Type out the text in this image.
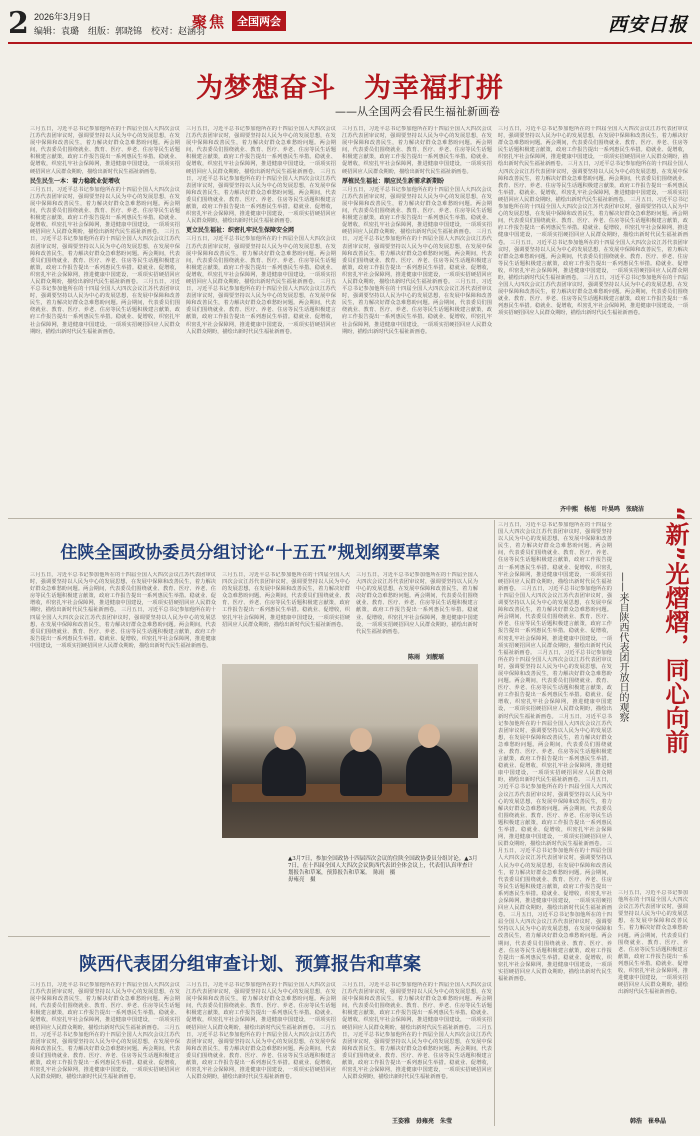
2 2026年3月9日
编辑：袁璐　组版：郭晓锦　校对：赵涵羽
聚焦	全国两会	西安日报
为梦想奋斗　为幸福打拼
——从全国两会看民生福祉新画卷
三月五日，习近平总书记参加他所在的十四届全国人大四次会议江苏代表团审议时，强调要坚持以人民为中心的发展思想，在发展中保障和改善民生，着力解决好群众急难愁盼问题。两会期间，代表委员们围绕就业、教育、医疗、养老、住房等民生话题积极建言献策，政府工作报告提出一系列惠民生举措。稳就业、促增收，织密扎牢社会保障网，推进健康中国建设，一项项实招硬招回应人民群众期盼，描绘出新时代民生福祉新画卷。
民生民生一本：着力稳就业促增收
三月五日，习近平总书记参加他所在的十四届全国人大四次会议江苏代表团审议时，强调要坚持以人民为中心的发展思想，在发展中保障和改善民生，着力解决好群众急难愁盼问题。两会期间，代表委员们围绕就业、教育、医疗、养老、住房等民生话题积极建言献策，政府工作报告提出一系列惠民生举措。稳就业、促增收，织密扎牢社会保障网，推进健康中国建设，一项项实招硬招回应人民群众期盼，描绘出新时代民生福祉新画卷。 三月五日，习近平总书记参加他所在的十四届全国人大四次会议江苏代表团审议时，强调要坚持以人民为中心的发展思想，在发展中保障和改善民生，着力解决好群众急难愁盼问题。两会期间，代表委员们围绕就业、教育、医疗、养老、住房等民生话题积极建言献策，政府工作报告提出一系列惠民生举措。稳就业、促增收，织密扎牢社会保障网，推进健康中国建设，一项项实招硬招回应人民群众期盼，描绘出新时代民生福祉新画卷。 三月五日，习近平总书记参加他所在的十四届全国人大四次会议江苏代表团审议时，强调要坚持以人民为中心的发展思想，在发展中保障和改善民生，着力解决好群众急难愁盼问题。两会期间，代表委员们围绕就业、教育、医疗、养老、住房等民生话题积极建言献策，政府工作报告提出一系列惠民生举措。稳就业、促增收，织密扎牢社会保障网，推进健康中国建设，一项项实招硬招回应人民群众期盼，描绘出新时代民生福祉新画卷。
三月五日，习近平总书记参加他所在的十四届全国人大四次会议江苏代表团审议时，强调要坚持以人民为中心的发展思想，在发展中保障和改善民生，着力解决好群众急难愁盼问题。两会期间，代表委员们围绕就业、教育、医疗、养老、住房等民生话题积极建言献策，政府工作报告提出一系列惠民生举措。稳就业、促增收，织密扎牢社会保障网，推进健康中国建设，一项项实招硬招回应人民群众期盼，描绘出新时代民生福祉新画卷。 三月五日，习近平总书记参加他所在的十四届全国人大四次会议江苏代表团审议时，强调要坚持以人民为中心的发展思想，在发展中保障和改善民生，着力解决好群众急难愁盼问题。两会期间，代表委员们围绕就业、教育、医疗、养老、住房等民生话题积极建言献策，政府工作报告提出一系列惠民生举措。稳就业、促增收，织密扎牢社会保障网，推进健康中国建设，一项项实招硬招回应人民群众期盼，描绘出新时代民生福祉新画卷。
更立民生福祉：织密扎牢民生保障安全网
三月五日，习近平总书记参加他所在的十四届全国人大四次会议江苏代表团审议时，强调要坚持以人民为中心的发展思想，在发展中保障和改善民生，着力解决好群众急难愁盼问题。两会期间，代表委员们围绕就业、教育、医疗、养老、住房等民生话题积极建言献策，政府工作报告提出一系列惠民生举措。稳就业、促增收，织密扎牢社会保障网，推进健康中国建设，一项项实招硬招回应人民群众期盼，描绘出新时代民生福祉新画卷。 三月五日，习近平总书记参加他所在的十四届全国人大四次会议江苏代表团审议时，强调要坚持以人民为中心的发展思想，在发展中保障和改善民生，着力解决好群众急难愁盼问题。两会期间，代表委员们围绕就业、教育、医疗、养老、住房等民生话题积极建言献策，政府工作报告提出一系列惠民生举措。稳就业、促增收，织密扎牢社会保障网，推进健康中国建设，一项项实招硬招回应人民群众期盼，描绘出新时代民生福祉新画卷。
三月五日，习近平总书记参加他所在的十四届全国人大四次会议江苏代表团审议时，强调要坚持以人民为中心的发展思想，在发展中保障和改善民生，着力解决好群众急难愁盼问题。两会期间，代表委员们围绕就业、教育、医疗、养老、住房等民生话题积极建言献策，政府工作报告提出一系列惠民生举措。稳就业、促增收，织密扎牢社会保障网，推进健康中国建设，一项项实招硬招回应人民群众期盼，描绘出新时代民生福祉新画卷。
厚植民生福祉：顺应民生新需求新期盼
三月五日，习近平总书记参加他所在的十四届全国人大四次会议江苏代表团审议时，强调要坚持以人民为中心的发展思想，在发展中保障和改善民生，着力解决好群众急难愁盼问题。两会期间，代表委员们围绕就业、教育、医疗、养老、住房等民生话题积极建言献策，政府工作报告提出一系列惠民生举措。稳就业、促增收，织密扎牢社会保障网，推进健康中国建设，一项项实招硬招回应人民群众期盼，描绘出新时代民生福祉新画卷。 三月五日，习近平总书记参加他所在的十四届全国人大四次会议江苏代表团审议时，强调要坚持以人民为中心的发展思想，在发展中保障和改善民生，着力解决好群众急难愁盼问题。两会期间，代表委员们围绕就业、教育、医疗、养老、住房等民生话题积极建言献策，政府工作报告提出一系列惠民生举措。稳就业、促增收，织密扎牢社会保障网，推进健康中国建设，一项项实招硬招回应人民群众期盼，描绘出新时代民生福祉新画卷。 三月五日，习近平总书记参加他所在的十四届全国人大四次会议江苏代表团审议时，强调要坚持以人民为中心的发展思想，在发展中保障和改善民生，着力解决好群众急难愁盼问题。两会期间，代表委员们围绕就业、教育、医疗、养老、住房等民生话题积极建言献策，政府工作报告提出一系列惠民生举措。稳就业、促增收，织密扎牢社会保障网，推进健康中国建设，一项项实招硬招回应人民群众期盼，描绘出新时代民生福祉新画卷。
三月五日，习近平总书记参加他所在的十四届全国人大四次会议江苏代表团审议时，强调要坚持以人民为中心的发展思想，在发展中保障和改善民生，着力解决好群众急难愁盼问题。两会期间，代表委员们围绕就业、教育、医疗、养老、住房等民生话题积极建言献策，政府工作报告提出一系列惠民生举措。稳就业、促增收，织密扎牢社会保障网，推进健康中国建设，一项项实招硬招回应人民群众期盼，描绘出新时代民生福祉新画卷。 三月五日，习近平总书记参加他所在的十四届全国人大四次会议江苏代表团审议时，强调要坚持以人民为中心的发展思想，在发展中保障和改善民生，着力解决好群众急难愁盼问题。两会期间，代表委员们围绕就业、教育、医疗、养老、住房等民生话题积极建言献策，政府工作报告提出一系列惠民生举措。稳就业、促增收，织密扎牢社会保障网，推进健康中国建设，一项项实招硬招回应人民群众期盼，描绘出新时代民生福祉新画卷。 三月五日，习近平总书记参加他所在的十四届全国人大四次会议江苏代表团审议时，强调要坚持以人民为中心的发展思想，在发展中保障和改善民生，着力解决好群众急难愁盼问题。两会期间，代表委员们围绕就业、教育、医疗、养老、住房等民生话题积极建言献策，政府工作报告提出一系列惠民生举措。稳就业、促增收，织密扎牢社会保障网，推进健康中国建设，一项项实招硬招回应人民群众期盼，描绘出新时代民生福祉新画卷。 三月五日，习近平总书记参加他所在的十四届全国人大四次会议江苏代表团审议时，强调要坚持以人民为中心的发展思想，在发展中保障和改善民生，着力解决好群众急难愁盼问题。两会期间，代表委员们围绕就业、教育、医疗、养老、住房等民生话题积极建言献策，政府工作报告提出一系列惠民生举措。稳就业、促增收，织密扎牢社会保障网，推进健康中国建设，一项项实招硬招回应人民群众期盼，描绘出新时代民生福祉新画卷。 三月五日，习近平总书记参加他所在的十四届全国人大四次会议江苏代表团审议时，强调要坚持以人民为中心的发展思想，在发展中保障和改善民生，着力解决好群众急难愁盼问题。两会期间，代表委员们围绕就业、教育、医疗、养老、住房等民生话题积极建言献策，政府工作报告提出一系列惠民生举措。稳就业、促增收，织密扎牢社会保障网，推进健康中国建设，一项项实招硬招回应人民群众期盼，描绘出新时代民生福祉新画卷。
齐中熙　杨旭　叶昊鸣　张晓洁
住陕全国政协委员分组讨论“十五五”规划纲要草案
三月五日，习近平总书记参加他所在的十四届全国人大四次会议江苏代表团审议时，强调要坚持以人民为中心的发展思想，在发展中保障和改善民生，着力解决好群众急难愁盼问题。两会期间，代表委员们围绕就业、教育、医疗、养老、住房等民生话题积极建言献策，政府工作报告提出一系列惠民生举措。稳就业、促增收，织密扎牢社会保障网，推进健康中国建设，一项项实招硬招回应人民群众期盼，描绘出新时代民生福祉新画卷。 三月五日，习近平总书记参加他所在的十四届全国人大四次会议江苏代表团审议时，强调要坚持以人民为中心的发展思想，在发展中保障和改善民生，着力解决好群众急难愁盼问题。两会期间，代表委员们围绕就业、教育、医疗、养老、住房等民生话题积极建言献策，政府工作报告提出一系列惠民生举措。稳就业、促增收，织密扎牢社会保障网，推进健康中国建设，一项项实招硬招回应人民群众期盼，描绘出新时代民生福祉新画卷。
三月五日，习近平总书记参加他所在的十四届全国人大四次会议江苏代表团审议时，强调要坚持以人民为中心的发展思想，在发展中保障和改善民生，着力解决好群众急难愁盼问题。两会期间，代表委员们围绕就业、教育、医疗、养老、住房等民生话题积极建言献策，政府工作报告提出一系列惠民生举措。稳就业、促增收，织密扎牢社会保障网，推进健康中国建设，一项项实招硬招回应人民群众期盼，描绘出新时代民生福祉新画卷。
三月五日，习近平总书记参加他所在的十四届全国人大四次会议江苏代表团审议时，强调要坚持以人民为中心的发展思想，在发展中保障和改善民生，着力解决好群众急难愁盼问题。两会期间，代表委员们围绕就业、教育、医疗、养老、住房等民生话题积极建言献策，政府工作报告提出一系列惠民生举措。稳就业、促增收，织密扎牢社会保障网，推进健康中国建设，一项项实招硬招回应人民群众期盼，描绘出新时代民生福祉新画卷。
陈雨　刘靓瑶
▲3月7日，参加全国政协十四届四次会议的住陕全国政协委员分组讨论。▲3月7日，在十四届全国人大四次会议陕西代表团全体会议上，代表们认真审查计划报告和草案，预算报告和草案。　陈雨　摄
毋雍亮　摄
陕西代表团分组审查计划、预算报告和草案
三月五日，习近平总书记参加他所在的十四届全国人大四次会议江苏代表团审议时，强调要坚持以人民为中心的发展思想，在发展中保障和改善民生，着力解决好群众急难愁盼问题。两会期间，代表委员们围绕就业、教育、医疗、养老、住房等民生话题积极建言献策，政府工作报告提出一系列惠民生举措。稳就业、促增收，织密扎牢社会保障网，推进健康中国建设，一项项实招硬招回应人民群众期盼，描绘出新时代民生福祉新画卷。 三月五日，习近平总书记参加他所在的十四届全国人大四次会议江苏代表团审议时，强调要坚持以人民为中心的发展思想，在发展中保障和改善民生，着力解决好群众急难愁盼问题。两会期间，代表委员们围绕就业、教育、医疗、养老、住房等民生话题积极建言献策，政府工作报告提出一系列惠民生举措。稳就业、促增收，织密扎牢社会保障网，推进健康中国建设，一项项实招硬招回应人民群众期盼，描绘出新时代民生福祉新画卷。
三月五日，习近平总书记参加他所在的十四届全国人大四次会议江苏代表团审议时，强调要坚持以人民为中心的发展思想，在发展中保障和改善民生，着力解决好群众急难愁盼问题。两会期间，代表委员们围绕就业、教育、医疗、养老、住房等民生话题积极建言献策，政府工作报告提出一系列惠民生举措。稳就业、促增收，织密扎牢社会保障网，推进健康中国建设，一项项实招硬招回应人民群众期盼，描绘出新时代民生福祉新画卷。 三月五日，习近平总书记参加他所在的十四届全国人大四次会议江苏代表团审议时，强调要坚持以人民为中心的发展思想，在发展中保障和改善民生，着力解决好群众急难愁盼问题。两会期间，代表委员们围绕就业、教育、医疗、养老、住房等民生话题积极建言献策，政府工作报告提出一系列惠民生举措。稳就业、促增收，织密扎牢社会保障网，推进健康中国建设，一项项实招硬招回应人民群众期盼，描绘出新时代民生福祉新画卷。
三月五日，习近平总书记参加他所在的十四届全国人大四次会议江苏代表团审议时，强调要坚持以人民为中心的发展思想，在发展中保障和改善民生，着力解决好群众急难愁盼问题。两会期间，代表委员们围绕就业、教育、医疗、养老、住房等民生话题积极建言献策，政府工作报告提出一系列惠民生举措。稳就业、促增收，织密扎牢社会保障网，推进健康中国建设，一项项实招硬招回应人民群众期盼，描绘出新时代民生福祉新画卷。 三月五日，习近平总书记参加他所在的十四届全国人大四次会议江苏代表团审议时，强调要坚持以人民为中心的发展思想，在发展中保障和改善民生，着力解决好群众急难愁盼问题。两会期间，代表委员们围绕就业、教育、医疗、养老、住房等民生话题积极建言献策，政府工作报告提出一系列惠民生举措。稳就业、促增收，织密扎牢社会保障网，推进健康中国建设，一项项实招硬招回应人民群众期盼，描绘出新时代民生福祉新画卷。
王姿雅　毋雍亮　朱莹
三月五日，习近平总书记参加他所在的十四届全国人大四次会议江苏代表团审议时，强调要坚持以人民为中心的发展思想，在发展中保障和改善民生，着力解决好群众急难愁盼问题。两会期间，代表委员们围绕就业、教育、医疗、养老、住房等民生话题积极建言献策，政府工作报告提出一系列惠民生举措。稳就业、促增收，织密扎牢社会保障网，推进健康中国建设，一项项实招硬招回应人民群众期盼，描绘出新时代民生福祉新画卷。 三月五日，习近平总书记参加他所在的十四届全国人大四次会议江苏代表团审议时，强调要坚持以人民为中心的发展思想，在发展中保障和改善民生，着力解决好群众急难愁盼问题。两会期间，代表委员们围绕就业、教育、医疗、养老、住房等民生话题积极建言献策，政府工作报告提出一系列惠民生举措。稳就业、促增收，织密扎牢社会保障网，推进健康中国建设，一项项实招硬招回应人民群众期盼，描绘出新时代民生福祉新画卷。 三月五日，习近平总书记参加他所在的十四届全国人大四次会议江苏代表团审议时，强调要坚持以人民为中心的发展思想，在发展中保障和改善民生，着力解决好群众急难愁盼问题。两会期间，代表委员们围绕就业、教育、医疗、养老、住房等民生话题积极建言献策，政府工作报告提出一系列惠民生举措。稳就业、促增收，织密扎牢社会保障网，推进健康中国建设，一项项实招硬招回应人民群众期盼，描绘出新时代民生福祉新画卷。 三月五日，习近平总书记参加他所在的十四届全国人大四次会议江苏代表团审议时，强调要坚持以人民为中心的发展思想，在发展中保障和改善民生，着力解决好群众急难愁盼问题。两会期间，代表委员们围绕就业、教育、医疗、养老、住房等民生话题积极建言献策，政府工作报告提出一系列惠民生举措。稳就业、促增收，织密扎牢社会保障网，推进健康中国建设，一项项实招硬招回应人民群众期盼，描绘出新时代民生福祉新画卷。 三月五日，习近平总书记参加他所在的十四届全国人大四次会议江苏代表团审议时，强调要坚持以人民为中心的发展思想，在发展中保障和改善民生，着力解决好群众急难愁盼问题。两会期间，代表委员们围绕就业、教育、医疗、养老、住房等民生话题积极建言献策，政府工作报告提出一系列惠民生举措。稳就业、促增收，织密扎牢社会保障网，推进健康中国建设，一项项实招硬招回应人民群众期盼，描绘出新时代民生福祉新画卷。 三月五日，习近平总书记参加他所在的十四届全国人大四次会议江苏代表团审议时，强调要坚持以人民为中心的发展思想，在发展中保障和改善民生，着力解决好群众急难愁盼问题。两会期间，代表委员们围绕就业、教育、医疗、养老、住房等民生话题积极建言献策，政府工作报告提出一系列惠民生举措。稳就业、促增收，织密扎牢社会保障网，推进健康中国建设，一项项实招硬招回应人民群众期盼，描绘出新时代民生福祉新画卷。 三月五日，习近平总书记参加他所在的十四届全国人大四次会议江苏代表团审议时，强调要坚持以人民为中心的发展思想，在发展中保障和改善民生，着力解决好群众急难愁盼问题。两会期间，代表委员们围绕就业、教育、医疗、养老、住房等民生话题积极建言献策，政府工作报告提出一系列惠民生举措。稳就业、促增收，织密扎牢社会保障网，推进健康中国建设，一项项实招硬招回应人民群众期盼，描绘出新时代民生福祉新画卷。
三月五日，习近平总书记参加他所在的十四届全国人大四次会议江苏代表团审议时，强调要坚持以人民为中心的发展思想，在发展中保障和改善民生，着力解决好群众急难愁盼问题。两会期间，代表委员们围绕就业、教育、医疗、养老、住房等民生话题积极建言献策，政府工作报告提出一系列惠民生举措。稳就业、促增收，织密扎牢社会保障网，推进健康中国建设，一项项实招硬招回应人民群众期盼，描绘出新时代民生福祉新画卷。
“新”光熠熠，同心向前
——来自陕西代表团开放日的观察
韩浩　崔皋晶
